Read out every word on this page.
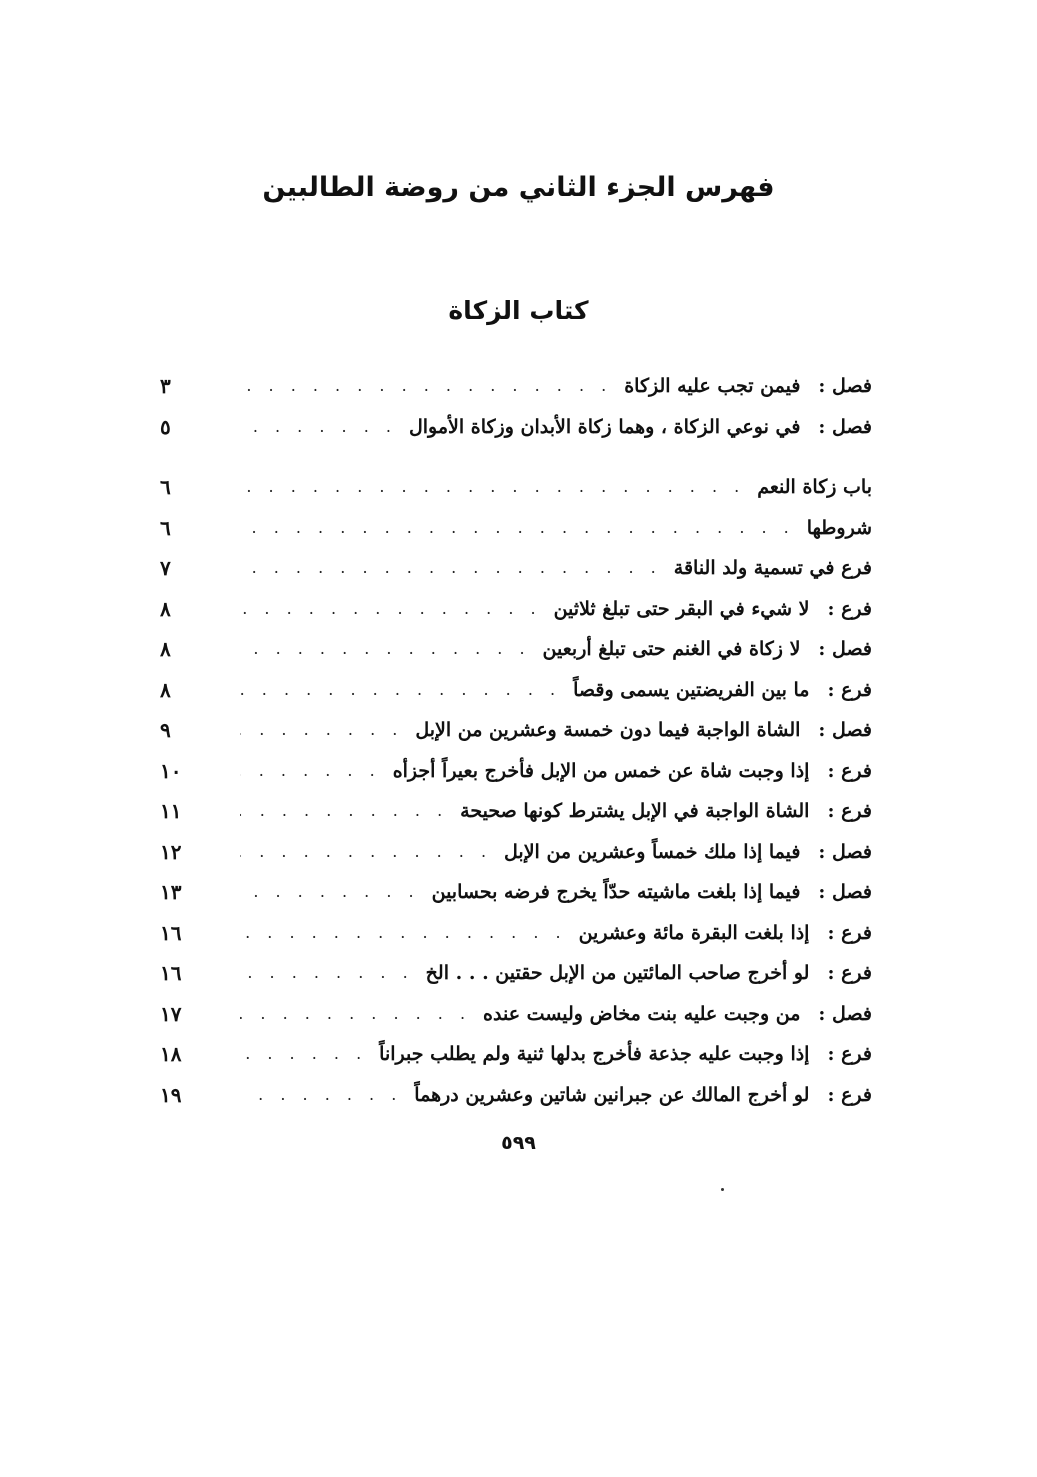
فهرس الجزء الثاني من روضة الطالبين
كتاب الزكاة
فصل :
فيمن تجب عليه الزكاة
. . .
٣
فصل :
في نوعي الزكاة ، وهما زكاة الأبدان وزكاة الأموال
. . .
٥
باب زكاة النعم
. . .
٦
شروطها
. . .
٦
فرع في تسمية ولد الناقة
. . .
٧
فرع :
لا شيء في البقر حتى تبلغ ثلاثين
. . .
٨
فصل :
لا زكاة في الغنم حتى تبلغ أربعين
. . .
٨
فرع :
ما بين الفريضتين يسمى وقصاً
. . .
٨
فصل :
الشاة الواجبة فيما دون خمسة وعشرين من الإبل
. . .
٩
فرع :
إذا وجبت شاة عن خمس من الإبل فأخرج بعيراً أجزأه
. . .
١٠
فرع :
الشاة الواجبة في الإبل يشترط كونها صحيحة
. . .
١١
فصل :
فيما إذا ملك خمساً وعشرين من الإبل
. . .
١٢
فصل :
فيما إذا بلغت ماشيته حدّاً يخرج فرضه بحسابين
. . .
١٣
فرع :
إذا بلغت البقرة مائة وعشرين
. . .
١٦
فرع :
لو أخرج صاحب المائتين من الإبل حقتين . . . الخ
. . .
١٦
فصل :
من وجبت عليه بنت مخاض وليست عنده
. . .
١٧
فرع :
إذا وجبت عليه جذعة فأخرج بدلها ثنية ولم يطلب جبراناً
. . .
١٨
فرع :
لو أخرج المالك عن جبرانين شاتين وعشرين درهماً
. . .
١٩
٥٩٩
